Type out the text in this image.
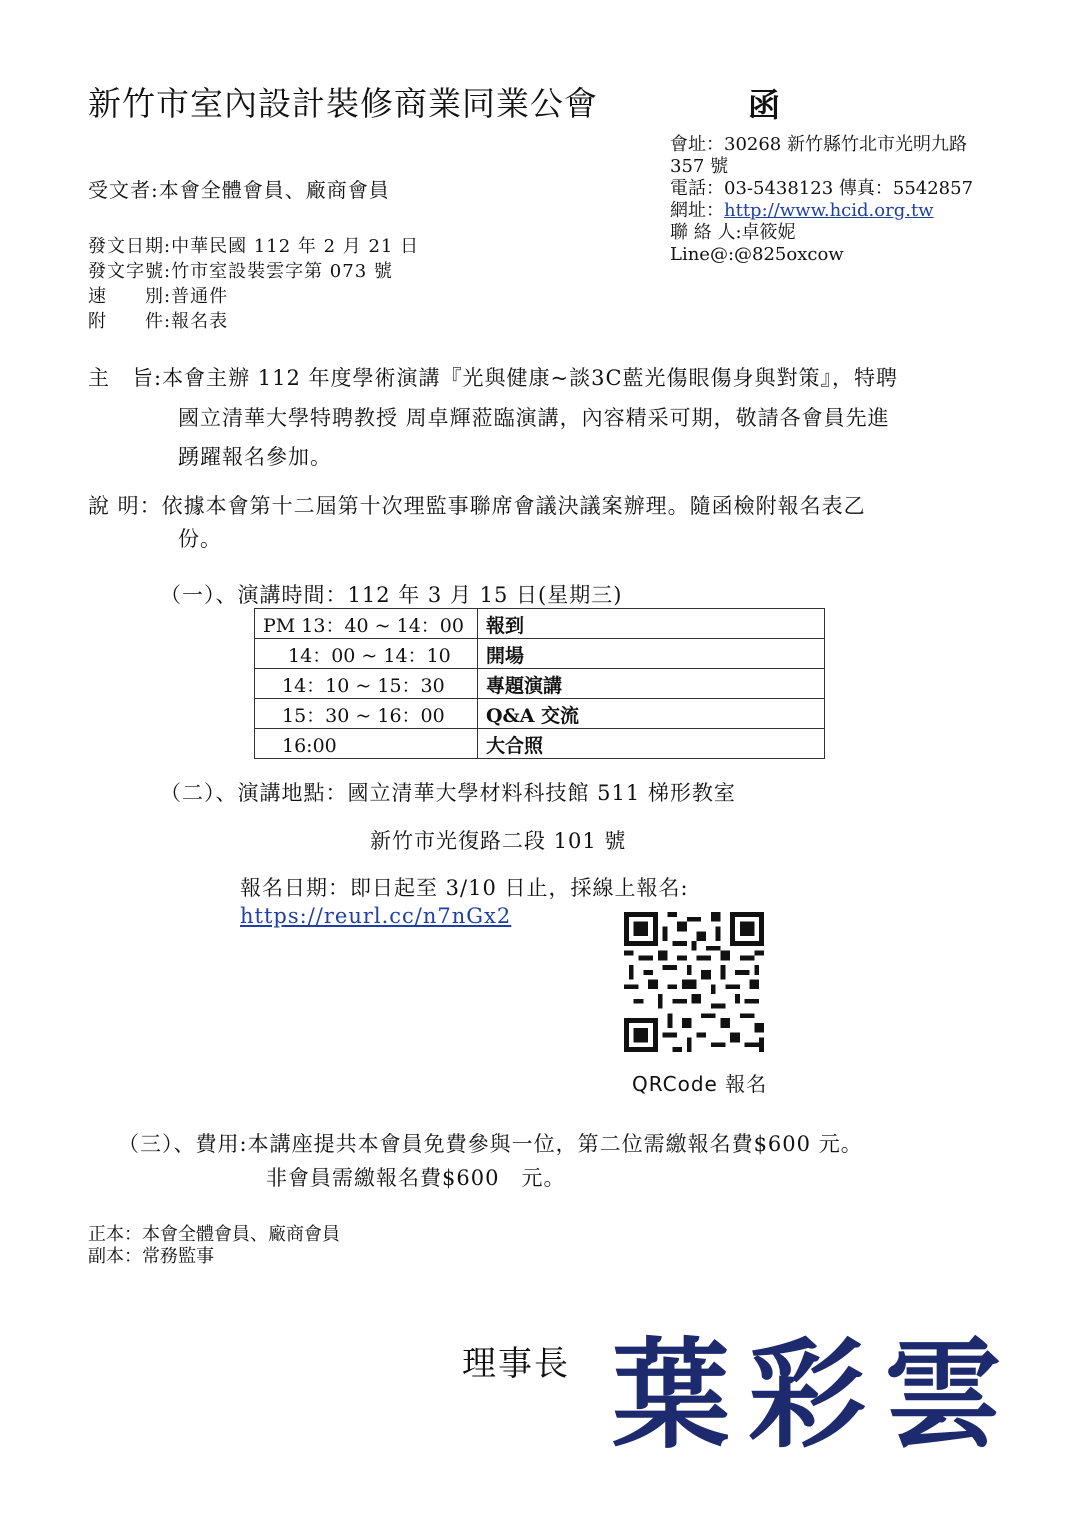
新竹市室內設計裝修商業同業公會	函
會址：30268 新竹縣竹北市光明九路
357 號
電話：03-5438123 傳真：5542857
網址：http://www.hcid.org.tw
聯 絡 人:卓筱妮
Line@:@825oxcow
受文者:本會全體會員、廠商會員
發文日期:中華民國 112 年 2 月 21 日
發文字號:竹市室設裝雲字第 073 號
速　　別:普通件
附　　件:報名表
主　旨:本會主辦 112 年度學術演講『光與健康~談3C藍光傷眼傷身與對策』，特聘
國立清華大學特聘教授 周卓輝蒞臨演講，內容精采可期，敬請各會員先進
踴躍報名參加。
說 明：依據本會第十二屆第十次理監事聯席會議決議案辦理。隨函檢附報名表乙
份。
（一）、演講時間：112 年 3 月 15 日(星期三)
PM 13：40 ~ 14：00	報到
　 14：00 ~ 14：10	開場
　14：10 ~ 15：30	專題演講
　15：30 ~ 16：00	Q&A 交流
　16:00	大合照
（二）、演講地點：國立清華大學材料科技館 511 梯形教室
新竹市光復路二段 101 號
報名日期：即日起至 3/10 日止，採線上報名:
https://reurl.cc/n7nGx2
QRCode 報名
（三）、費用:本講座提共本會員免費參與一位，第二位需繳報名費$600 元。
非會員需繳報名費$600　元。
正本：本會全體會員、廠商會員
副本：常務監事
理事長 葉彩雲
